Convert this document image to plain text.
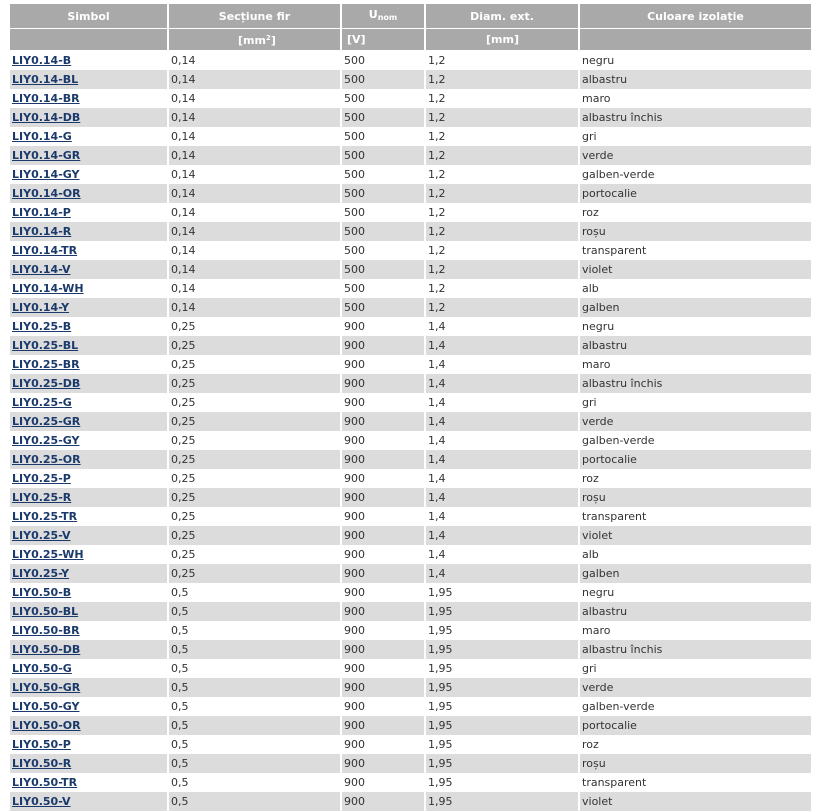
Simbol	Secțiune fir	$U_{nom}$	Diam. ext.	Culoare izolație
	$[mm^2]$	[V]	[mm]	
LIY0.14-B	0,14	500	1,2	negru
LIY0.14-BL	0,14	500	1,2	albastru
LIY0.14-BR	0,14	500	1,2	maro
LIY0.14-DB	0,14	500	1,2	albastru închis
LIY0.14-G	0,14	500	1,2	gri
LIY0.14-GR	0,14	500	1,2	verde
LIY0.14-GY	0,14	500	1,2	galben-verde
LIY0.14-OR	0,14	500	1,2	portocalie
LIY0.14-P	0,14	500	1,2	roz
LIY0.14-R	0,14	500	1,2	roșu
LIY0.14-TR	0,14	500	1,2	transparent
LIY0.14-V	0,14	500	1,2	violet
LIY0.14-WH	0,14	500	1,2	alb
LIY0.14-Y	0,14	500	1,2	galben
LIY0.25-B	0,25	900	1,4	negru
LIY0.25-BL	0,25	900	1,4	albastru
LIY0.25-BR	0,25	900	1,4	maro
LIY0.25-DB	0,25	900	1,4	albastru închis
LIY0.25-G	0,25	900	1,4	gri
LIY0.25-GR	0,25	900	1,4	verde
LIY0.25-GY	0,25	900	1,4	galben-verde
LIY0.25-OR	0,25	900	1,4	portocalie
LIY0.25-P	0,25	900	1,4	roz
LIY0.25-R	0,25	900	1,4	roșu
LIY0.25-TR	0,25	900	1,4	transparent
LIY0.25-V	0,25	900	1,4	violet
LIY0.25-WH	0,25	900	1,4	alb
LIY0.25-Y	0,25	900	1,4	galben
LIY0.50-B	0,5	900	1,95	negru
LIY0.50-BL	0,5	900	1,95	albastru
LIY0.50-BR	0,5	900	1,95	maro
LIY0.50-DB	0,5	900	1,95	albastru închis
LIY0.50-G	0,5	900	1,95	gri
LIY0.50-GR	0,5	900	1,95	verde
LIY0.50-GY	0,5	900	1,95	galben-verde
LIY0.50-OR	0,5	900	1,95	portocalie
LIY0.50-P	0,5	900	1,95	roz
LIY0.50-R	0,5	900	1,95	roșu
LIY0.50-TR	0,5	900	1,95	transparent
LIY0.50-V	0,5	900	1,95	violet
